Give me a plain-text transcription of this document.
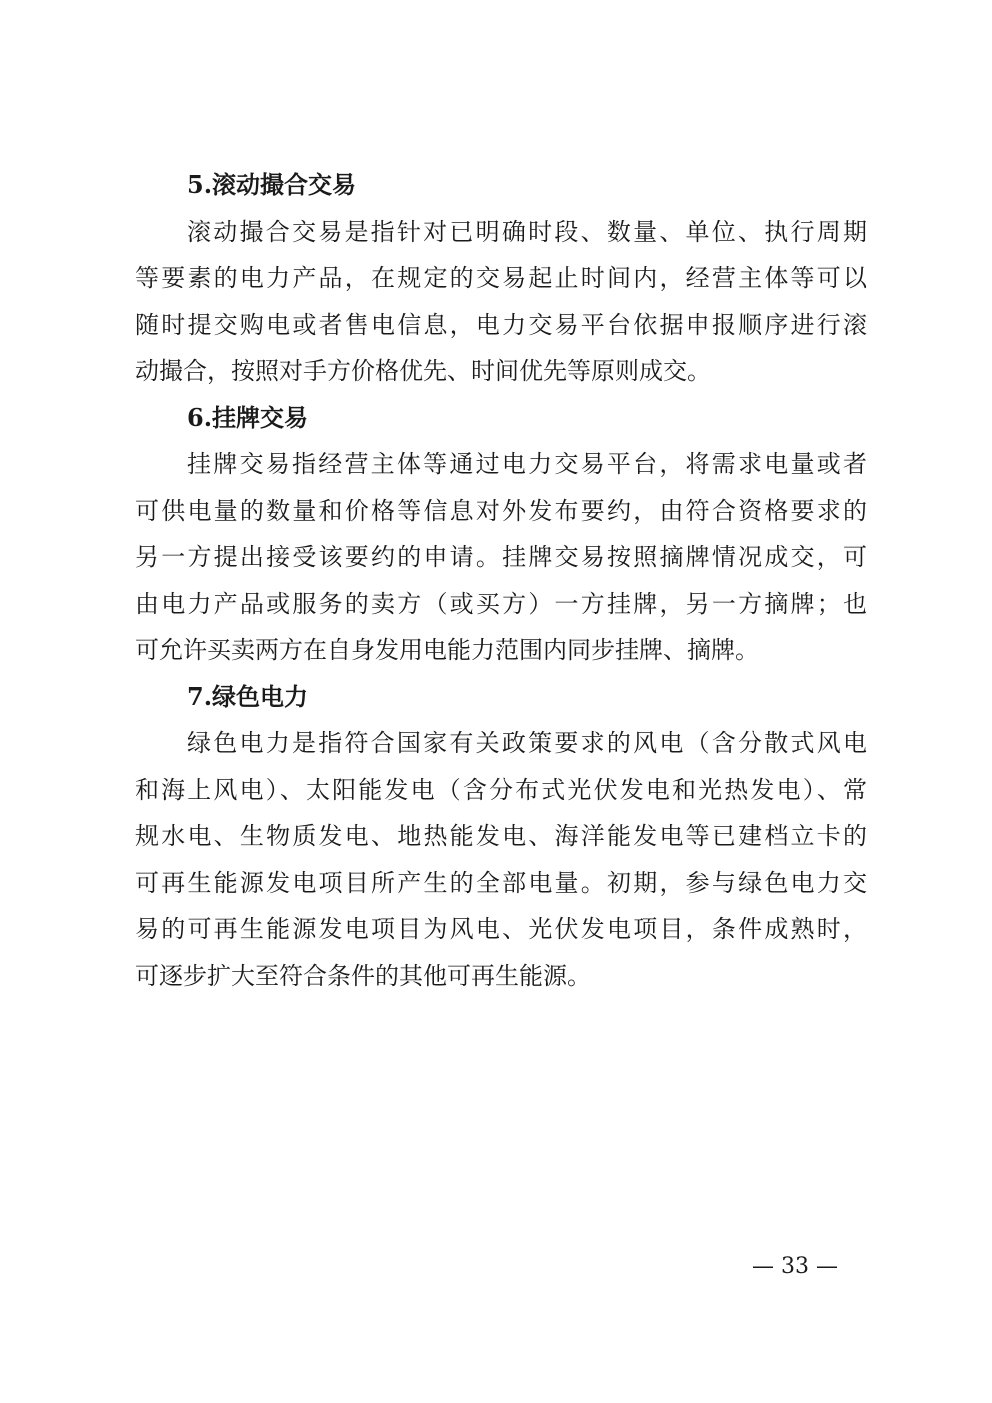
5.滚动撮合交易

滚动撮合交易是指针对已明确时段、数量、单位、执行周期
等要素的电力产品，在规定的交易起止时间内，经营主体等可以
随时提交购电或者售电信息，电力交易平台依据申报顺序进行滚
动撮合，按照对手方价格优先、时间优先等原则成交。

6.挂牌交易

挂牌交易指经营主体等通过电力交易平台，将需求电量或者
可供电量的数量和价格等信息对外发布要约，由符合资格要求的
另一方提出接受该要约的申请。挂牌交易按照摘牌情况成交，可
由电力产品或服务的卖方（或买方）一方挂牌，另一方摘牌；也
可允许买卖两方在自身发用电能力范围内同步挂牌、摘牌。

7.绿色电力

绿色电力是指符合国家有关政策要求的风电（含分散式风电
和海上风电）、太阳能发电（含分布式光伏发电和光热发电）、常
规水电、生物质发电、地热能发电、海洋能发电等已建档立卡的
可再生能源发电项目所产生的全部电量。初期，参与绿色电力交
易的可再生能源发电项目为风电、光伏发电项目，条件成熟时，
可逐步扩大至符合条件的其他可再生能源。

— 33 —
